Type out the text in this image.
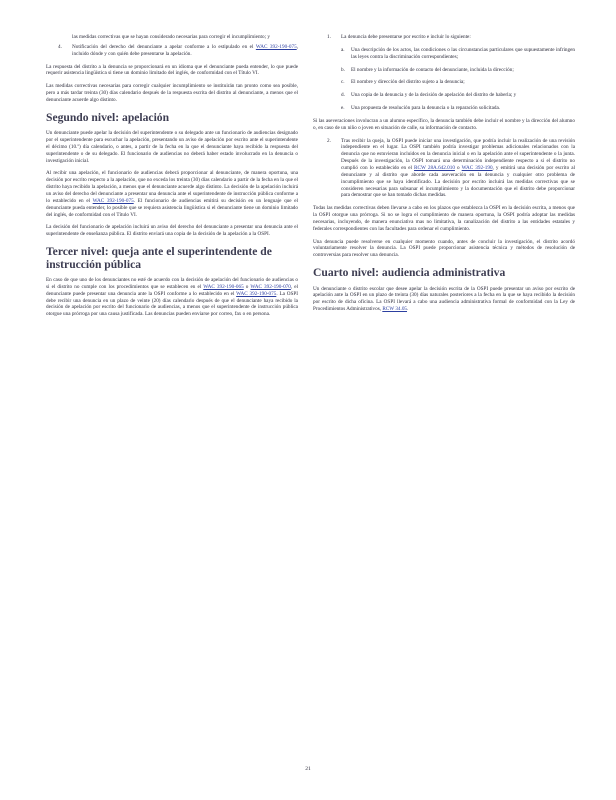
las medidas correctivas que se hayan considerado necesarias para corregir el incumplimiento; y

4. Notificación del derecho del denunciante a apelar conforme a lo estipulado en el WAC 392-190-075, incluido dónde y con quién debe presentarse la apelación.

La respuesta del distrito a la denuncia se proporcionará en un idioma que el denunciante pueda entender, lo que puede requerir asistencia lingüística si tiene un dominio limitado del inglés, de conformidad con el Título VI.

Las medidas correctivas necesarias para corregir cualquier incumplimiento se instituirán tan pronto como sea posible, pero a más tardar treinta (30) días calendario después de la respuesta escrita del distrito al denunciante, a menos que el denunciante acuerde algo distinto.

Segundo nivel: apelación

Un denunciante puede apelar la decisión del superintendente o su delegado ante un funcionario de audiencias designado por el superintendente para escuchar la apelación, presentando un aviso de apelación por escrito ante el superintendente el décimo (10.º) día calendario, o antes, a partir de la fecha en la que el denunciante haya recibido la respuesta del superintendente o de su delegado. El funcionario de audiencias no deberá haber estado involucrado en la denuncia o investigación inicial.

Al recibir una apelación, el funcionario de audiencias deberá proporcionar al denunciante, de manera oportuna, una decisión por escrito respecto a la apelación, que no exceda los treinta (30) días calendario a partir de la fecha en la que el distrito haya recibido la apelación, a menos que el denunciante acuerde algo distinto. La decisión de la apelación incluirá un aviso del derecho del denunciante a presentar una denuncia ante el superintendente de instrucción pública conforme a lo establecido en el WAC 392-190-075. El funcionario de audiencias emitirá su decisión en un lenguaje que el denunciante pueda entender, lo posible que se requiera asistencia lingüística si el denunciante tiene un dominio limitado del inglés, de conformidad con el Título VI.

La decisión del funcionario de apelación incluirá un aviso del derecho del denunciante a presentar una denuncia ante el superintendente de enseñanza pública. El distrito enviará una copia de la decisión de la apelación a la OSPI.

Tercer nivel: queja ante el superintendente de instrucción pública

En caso de que uno de los denunciantes no esté de acuerdo con la decisión de apelación del funcionario de audiencias o si el distrito no cumple con los procedimientos que se establecen en el WAC 392-190-065 o WAC 392-190-070, el denunciante puede presentar una denuncia ante la OSPI conforme a lo establecido en el WAC 392-190-075. La OSPI debe recibir una denuncia en un plazo de veinte (20) días calendario después de que el denunciante haya recibido la decisión de apelación por escrito del funcionario de audiencias, a menos que el superintendente de instrucción pública otorgue una prórroga por una causa justificada. Las denuncias pueden enviarse por correo, fax o en persona.

1. La denuncia debe presentarse por escrito e incluir lo siguiente:

a. Una descripción de los actos, las condiciones o las circunstancias particulares que supuestamente infringen las leyes contra la discriminación correspondientes;

b. El nombre y la información de contacto del denunciante, incluida la dirección;

c. El nombre y dirección del distrito sujeto a la denuncia;

d. Una copia de la denuncia y de la decisión de apelación del distrito de haberla; y

e. Una propuesta de resolución para la denuncia o la reparación solicitada.

Si las aseveraciones involucran a un alumno específico, la denuncia también debe incluir el nombre y la dirección del alumno o, en caso de un niño o joven en situación de calle, su información de contacto.

2. Tras recibir la queja, la OSPI puede iniciar una investigación, que podría incluir la realización de una revisión independiente en el lugar. La OSPI también podría investigar problemas adicionales relacionados con la denuncia que no estuvieran incluidos en la denuncia inicial o en la apelación ante el superintendente o la junta. Después de la investigación, la OSPI tomará una determinación independiente respecto a si el distrito no cumplió con lo establecido en el RCW 28A.642.010 o WAC 392-190, y emitirá una decisión por escrito al denunciante y al distrito que aborde cada aseveración en la denuncia y cualquier otro problema de incumplimiento que se haya identificado. La decisión por escrito incluirá las medidas correctivas que se consideren necesarias para subsanar el incumplimiento y la documentación que el distrito debe proporcionar para demostrar que se han tomado dichas medidas.

Todas las medidas correctivas deben llevarse a cabo en los plazos que establezca la OSPI en la decisión escrita, a menos que la OSPI otorgue una prórroga. Si no se logra el cumplimiento de manera oportuna, la OSPI podría adoptar las medidas necesarias, incluyendo, de manera enunciativa mas no limitativa, la canalización del distrito a las entidades estatales y federales correspondientes con las facultades para ordenar el cumplimiento.

Una denuncia puede resolverse en cualquier momento cuando, antes de concluir la investigación, el distrito acordó voluntariamente resolver la denuncia. La OSPI puede proporcionar asistencia técnica y métodos de resolución de controversias para resolver una denuncia.

Cuarto nivel: audiencia administrativa

Un denunciante o distrito escolar que desee apelar la decisión escrita de la OSPI puede presentar un aviso por escrito de apelación ante la OSPI en un plazo de treinta (30) días naturales posteriores a la fecha en la que se haya recibido la decisión por escrito de dicha oficina. La OSPI llevará a cabo una audiencia administrativa formal de conformidad con la Ley de Procedimientos Administrativos, RCW 34.05.

21
